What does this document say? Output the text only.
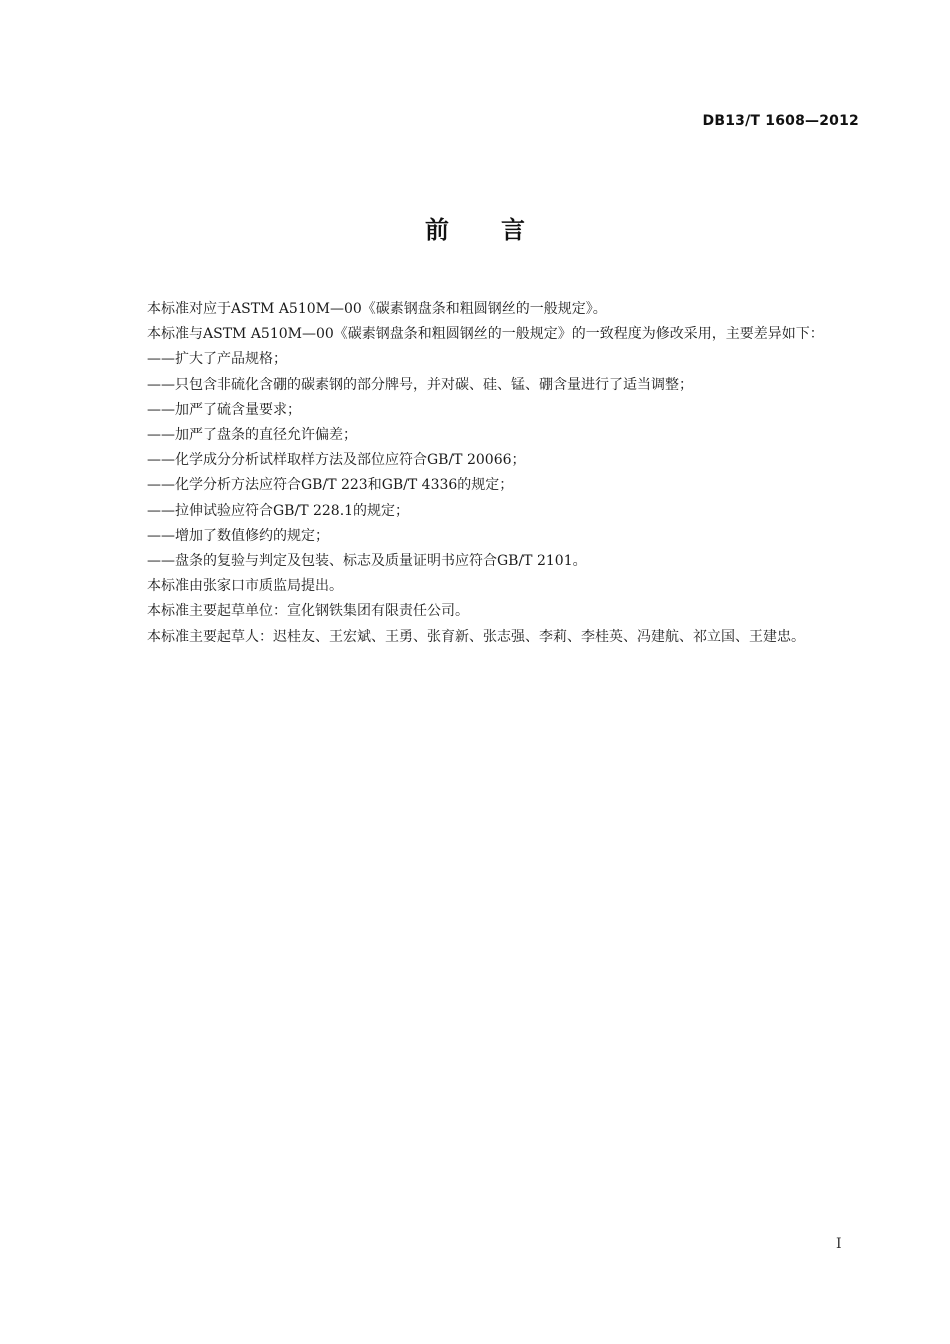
DB13/T 1608—2012
前言

本标准对应于ASTM A510M—00《碳素钢盘条和粗圆钢丝的一般规定》。

本标准与ASTM A510M—00《碳素钢盘条和粗圆钢丝的一般规定》的一致程度为修改采用，主要差异如下：

——扩大了产品规格；

——只包含非硫化含硼的碳素钢的部分牌号，并对碳、硅、锰、硼含量进行了适当调整；

——加严了硫含量要求；

——加严了盘条的直径允许偏差；

——化学成分分析试样取样方法及部位应符合GB/T 20066；

——化学分析方法应符合GB/T 223和GB/T 4336的规定；

——拉伸试验应符合GB/T 228.1的规定；

——增加了数值修约的规定；

——盘条的复验与判定及包装、标志及质量证明书应符合GB/T 2101。

本标准由张家口市质监局提出。

本标准主要起草单位：宣化钢铁集团有限责任公司。

本标准主要起草人：迟桂友、王宏斌、王勇、张育新、张志强、李莉、李桂英、冯建航、祁立国、王建忠。

I
